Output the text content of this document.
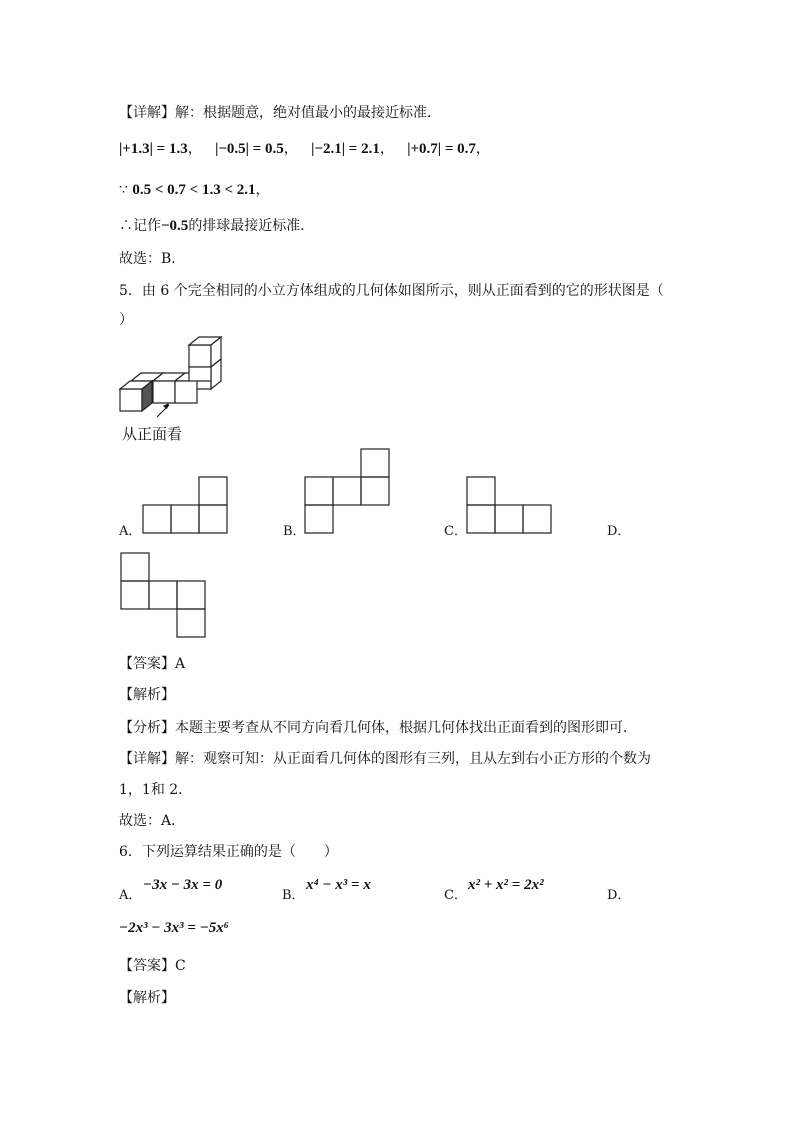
【详解】解：根据题意，绝对值最小的最接近标准．
|+1.3| = 1.3， |−0.5| = 0.5， |−2.1| = 2.1， |+0.7| = 0.7，
∵ 0.5 < 0.7 < 1.3 < 2.1，
∴记作−0.5的排球最接近标准．
故选：B．
5．由 6 个完全相同的小立方体组成的几何体如图所示，则从正面看到的它的形状图是（
）
从正面看
A．	B．	C．	D．
【答案】A
【解析】
【分析】本题主要考查从不同方向看几何体，根据几何体找出正面看到的图形即可．
【详解】解：观察可知：从正面看几何体的图形有三列，且从左到右小正方形的个数为
1，1和 2．
故选：A．
6．下列运算结果正确的是（　　）
A．
−3x − 3x = 0
B．
x⁴ − x³ = x
C．
x² + x² = 2x²
D．
−2x³ − 3x³ = −5x⁶
【答案】C
【解析】
